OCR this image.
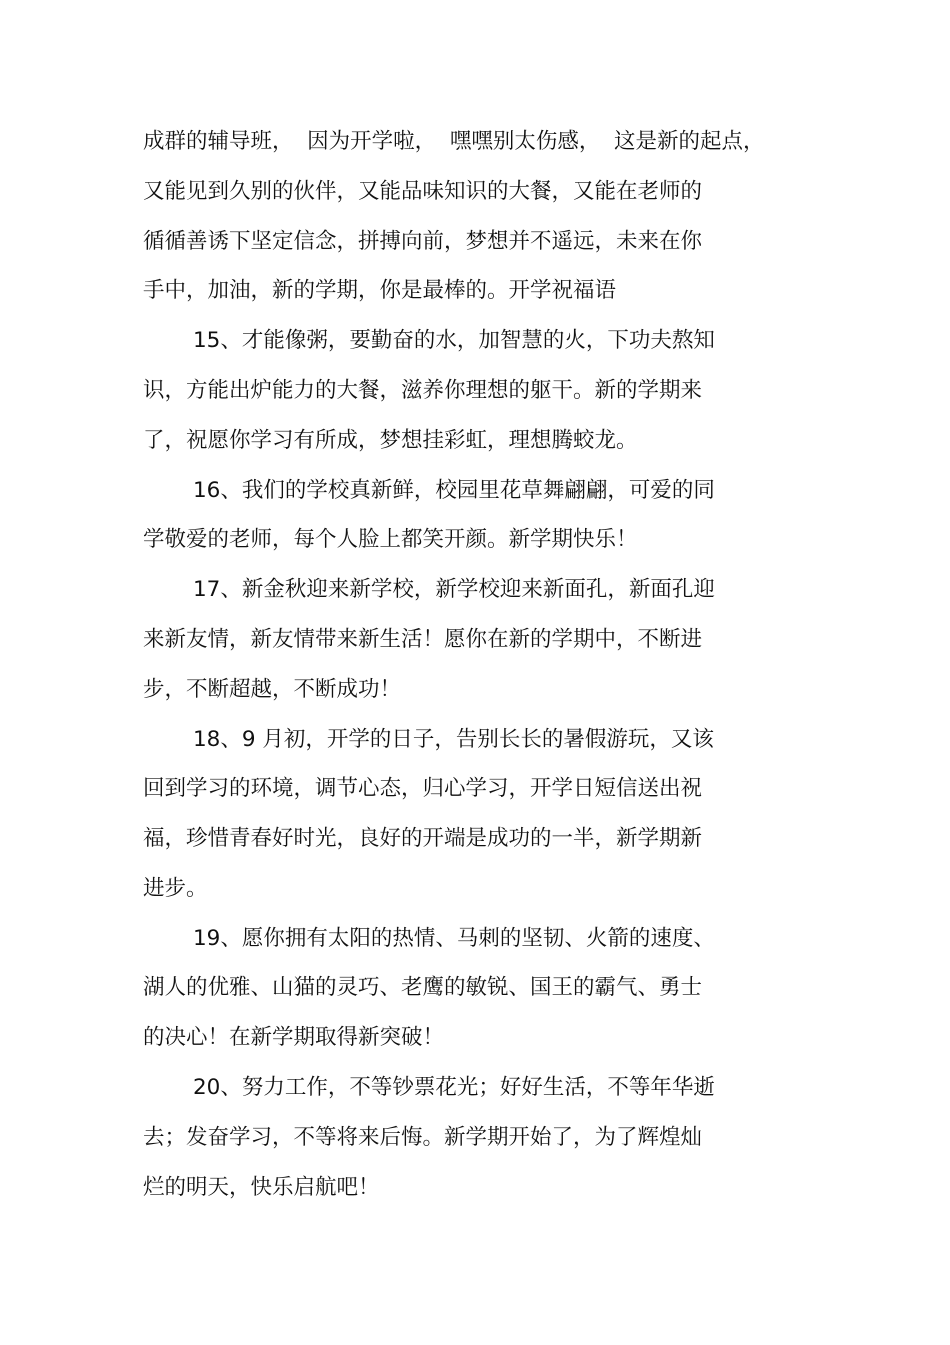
成群的辅导班，  因为开学啦，  嘿嘿别太伤感，  这是新的起点，
又能见到久别的伙伴，又能品味知识的大餐，又能在老师的
循循善诱下坚定信念，拼搏向前，梦想并不遥远，未来在你
手中，加油，新的学期，你是最棒的。开学祝福语
15、才能像粥，要勤奋的水，加智慧的火，下功夫熬知
识，方能出炉能力的大餐，滋养你理想的躯干。新的学期来
了，祝愿你学习有所成，梦想挂彩虹，理想腾蛟龙。
16、我们的学校真新鲜，校园里花草舞翩翩，可爱的同
学敬爱的老师，每个人脸上都笑开颜。新学期快乐！
17、新金秋迎来新学校，新学校迎来新面孔，新面孔迎
来新友情，新友情带来新生活！愿你在新的学期中，不断进
步，不断超越，不断成功！
18、9 月初，开学的日子，告别长长的暑假游玩，又该
回到学习的环境，调节心态，归心学习，开学日短信送出祝
福，珍惜青春好时光，良好的开端是成功的一半，新学期新
进步。
19、愿你拥有太阳的热情、马刺的坚韧、火箭的速度、
湖人的优雅、山猫的灵巧、老鹰的敏锐、国王的霸气、勇士
的决心！在新学期取得新突破！
20、努力工作，不等钞票花光；好好生活，不等年华逝
去；发奋学习，不等将来后悔。新学期开始了，为了辉煌灿
烂的明天，快乐启航吧！
